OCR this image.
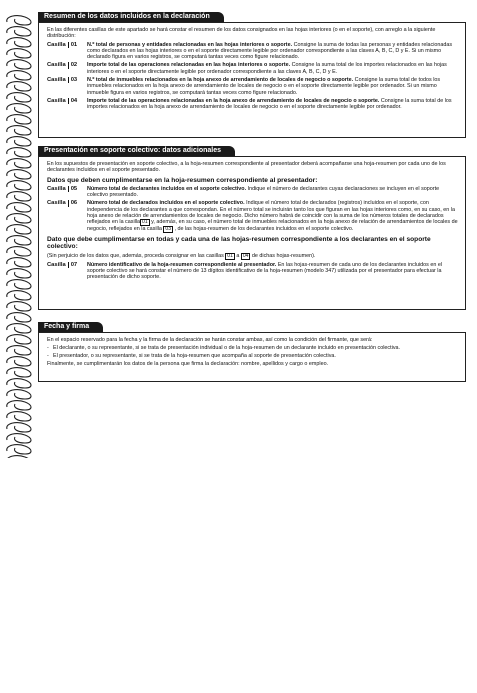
Resumen de los datos incluidos en la declaración

En las diferentes casillas de este apartado se hará constar el resumen de los datos consignados en las hojas interiores (o en el soporte), con arreglo a la siguiente distribución:

Casilla 01	N.º total de personas y entidades relacionadas en las hojas interiores o soporte. Consigne la suma de todas las personas y entidades relacionadas como declarados en las hojas interiores o en el soporte directamente legible por ordenador correspondiente a las claves A, B, C, D y E. Si un mismo declarado figura en varios registros, se computará tantas veces como figure relacionado.
Casilla 02	Importe total de las operaciones relacionadas en las hojas interiores o soporte. Consigne la suma total de los importes relacionados en las hojas interiores o en el soporte directamente legible por ordenador correspondiente a las claves A, B, C, D y E.
Casilla 03	N.º total de inmuebles relacionados en la hoja anexo de arrendamiento de locales de negocio o soporte. Consigne la suma total de todos los inmuebles relacionados en la hoja anexo de arrendamiento de locales de negocio o en el soporte directamente legible por ordenador. Si un mismo inmueble figura en varios registros, se computará tantas veces como figure relacionado.
Casilla 04	Importe total de las operaciones relacionadas en la hoja anexo de arrendamiento de locales de negocio o soporte. Consigne la suma total de los importes relacionados en la hoja anexo de arrendamiento de locales de negocio o en el soporte directamente legible por ordenador.
Presentación en soporte colectivo: datos adicionales

En los supuestos de presentación en soporte colectivo, a la hoja-resumen correspondiente al presentador deberá acompañarse una hoja-resumen por cada uno de los declarantes incluidos en el soporte presentado.

Datos que deben cumplimentarse en la hoja-resumen correspondiente al presentador:
Casilla 05	Número total de declarantes incluidos en el soporte colectivo. Indique el número de declarantes cuyas declaraciones se incluyen en el soporte colectivo presentado.
Casilla 06	Número total de declarados incluidos en el soporte colectivo. Indique el número total de declarados (registros) incluidos en el soporte, con independencia de los declarantes a que correspondan. En el número total se incluirán tanto los que figuran en las hojas interiores como, en su caso, en la hoja anexo de relación de arrendamientos de locales de negocio. Dicho número habrá de coincidir con la suma de los números totales de declarados reflejados en la casilla 01 y, además, en su caso, el número total de inmuebles relacionados en la hoja anexo de relación de arrendamientos de locales de negocio, reflejados en la casilla 03 , de las hojas-resumen de los declarantes incluidos en el soporte colectivo.
Dato que debe cumplimentarse en todas y cada una de las hojas-resumen correspondiente a los declarantes en el soporte colectivo:

(Sin perjuicio de los datos que, además, proceda consignar en las casillas 01 a 04 de dichas hojas-resumen).

Casilla 07	Número identificativo de la hoja-resumen correspondiente al presentador. En las hojas-resumen de cada uno de los declarantes incluidos en el soporte colectivo se hará constar el número de 13 dígitos identificativo de la hoja-resumen (modelo 347) utilizada por el presentador para efectuar la presentación de dicho soporte.
Fecha y firma

En el espacio reservado para la fecha y la firma de la declaración se harán constar ambas, así como la condición del firmante, que será:

- El declarante, o su representante, si se trata de presentación individual o de la hoja-resumen de un declarante incluido en presentación colectiva.
- El presentador, o su representante, si se trata de la hoja-resumen que acompaña al soporte de presentación colectiva.

Finalmente, se cumplimentarán los datos de la persona que firma la declaración: nombre, apellidos y cargo o empleo.
